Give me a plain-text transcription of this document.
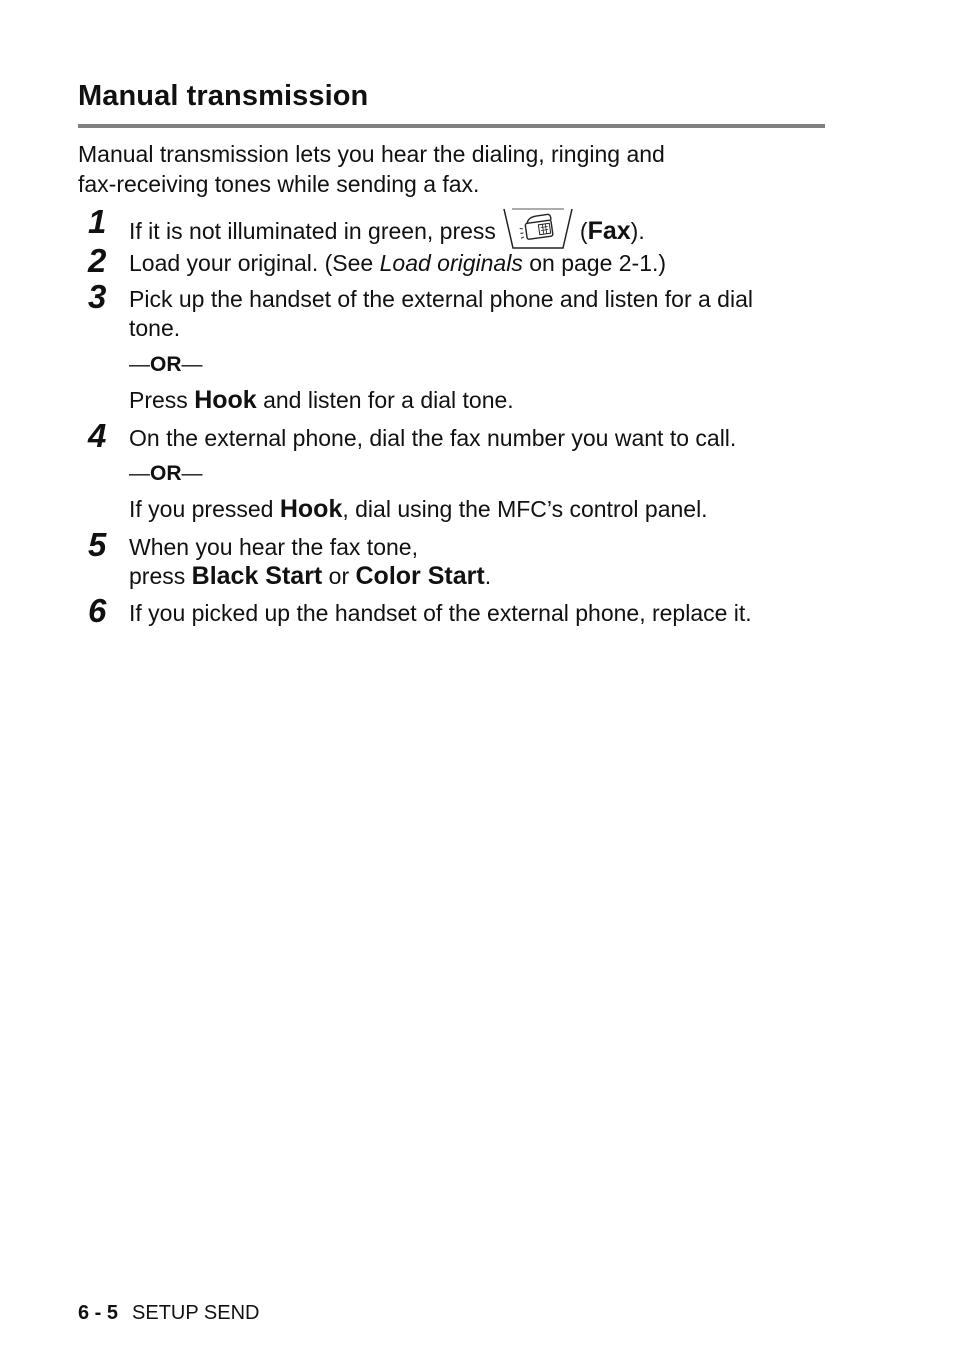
Manual transmission

Manual transmission lets you hear the dialing, ringing and
fax-receiving tones while sending a fax.

1 If it is not illuminated in green, press	(Fax).
2 Load your original. (See Load originals on page 2-1.)
3 Pick up the handset of the external phone and listen for a dial
tone.
—OR—
Press Hook and listen for a dial tone.
4 On the external phone, dial the fax number you want to call.
—OR—
If you pressed Hook, dial using the MFC’s control panel.
5 When you hear the fax tone,
press Black Start or Color Start.
6 If you picked up the handset of the external phone, replace it.
6 - 5 SETUP SEND
